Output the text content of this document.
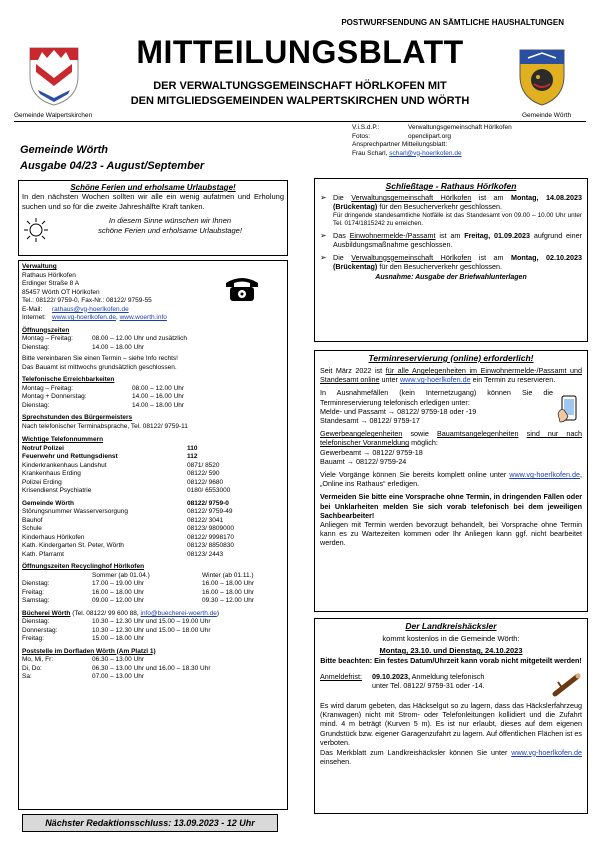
POSTWURFSENDUNG AN SÄMTLICHE HAUSHALTUNGEN
Gemeinde Walpertskirchen	Gemeinde Wörth
MITTEILUNGSBLATT
DER VERWALTUNGSGEMEINSCHAFT HÖRLKOFEN MIT
DEN MITGLIEDSGEMEINDEN WALPERTSKIRCHEN UND WÖRTH
V.i.S.d.P.:	Verwaltungsgemeinschaft Hörlkofen
Fotos:	openclipart.org
Ansprechpartner Mitteilungsblatt:
Frau Scharl, scharl@vg-hoerlkofen.de
Gemeinde Wörth
Ausgabe 04/23 - August/September
Schöne Ferien und erholsame Urlaubstage!
In den nächsten Wochen sollten wir alle ein wenig aufatmen und Erholung suchen und so für die zweite Jahreshälfte Kraft tanken.
In diesem Sinne wünschen wir Ihnen
schöne Ferien und erholsame Urlaubstage!
Verwaltung
Rathaus Hörlkofen
Erdinger Straße 8 A
85457 Wörth OT Hörlkofen
Tel.: 08122/ 9759-0, Fax-Nr.: 08122/ 9759-55
E-Mail:	rathaus@vg-hoerlkofen.de
Internet: www.vg-hoerlkofen.de , www.woerth.info
Öffnungszeiten
Montag – Freitag:	08.00 – 12.00 Uhr und zusätzlich
Dienstag:	14.00 – 18.00 Uhr
Bitte vereinbaren Sie einen Termin – siehe Info rechts!
Das Bauamt ist mittwochs grundsätzlich geschlossen.
Telefonische Erreichbarkeiten
Montag – Freitag:	08.00 – 12.00 Uhr
Montag + Donnerstag:	14.00 – 16.00 Uhr
Dienstag:	14.00 – 18.00 Uhr
Sprechstunden des Bürgermeisters
Nach telefonischer Terminabsprache, Tel. 08122/ 9759-11
Wichtige Telefonnummern
Notruf Polizei	110
Feuerwehr und Rettungsdienst	112
Kinderkrankenhaus Landshut	0871/ 8520
Krankenhaus Erding	08122/ 590
Polizei Erding	08122/ 9680
Krisendienst Psychiatrie	0180/ 6553000
Gemeinde Wörth	08122/ 9759-0
Störungsnummer Wasserversorgung	08122/ 9759-49
Bauhof	08122/ 3041
Schule	08123/ 9809000
Kinderhaus Hörlkofen	08122/ 9998170
Kath. Kindergarten St. Peter, Wörth	08123/ 8850830
Kath. Pfarramt	08123/ 2443
Öffnungszeiten Recyclinghof Hörlkofen
Sommer (ab 01.04.)	Winter (ab 01.11.)
Dienstag:	17.00 – 19.00 Uhr	16.00 – 18.00 Uhr
Freitag:	16.00 – 18.00 Uhr	16.00 – 18.00 Uhr
Samstag:	09.00 – 12.00 Uhr	09.30 – 12.00 Uhr
Bücherei Wörth (Tel. 08122/ 99 600 88, info@buecherei-woerth.de)
Dienstag:	10.30 – 12.30 Uhr und 15.00 – 19.00 Uhr
Donnerstag:	10.30 – 12.30 Uhr und 15.00 – 18.00 Uhr
Freitag:	15.00 – 18.00 Uhr
Poststelle im Dorfladen Wörth (Am Platzl 1)
Mo, Mi, Fr:	06.30 – 13.00 Uhr
Di, Do:	06.30 – 13.00 Uhr und 16.00 – 18.30 Uhr
Sa:	07.00 – 13.00 Uhr
Nächster Redaktionsschluss: 13.09.2023 - 12 Uhr
Schließtage - Rathaus Hörlkofen
➢ Die Verwaltungsgemeinschaft Hörlkofen ist am Montag, 14.08.2023 (Brückentag) für den Besucherverkehr geschlossen.
Für dringende standesamtliche Notfälle ist das Standesamt von 09.00 – 10.00 Uhr unter Tel. 0174/1815242 zu erreichen.
➢ Das Einwohnermelde-/Passamt ist am Freitag, 01.09.2023 aufgrund einer Ausbildungsmaßnahme geschlossen.
➢ Die Verwaltungsgemeinschaft Hörlkofen ist am Montag, 02.10.2023 (Brückentag) für den Besucherverkehr geschlossen.
Ausnahme: Ausgabe der Briefwahlunterlagen
Terminreservierung (online) erforderlich!

Seit März 2022 ist für alle Angelegenheiten im Einwohnermelde-/Passamt und Standesamt online unter www.vg-hoerlkofen.de ein Termin zu reservieren.

In Ausnahmefällen (kein Internetzugang) können Sie die Terminreservierung telefonisch erledigen unter:

Melde- und Passamt → 08122/ 9759-18 oder -19

Standesamt → 08122/ 9759-17

Gewerbeangelegenheiten sowie Bauamtsangelegenheiten sind nur nach telefonischer Voranmeldung möglich:

Gewerbeamt → 08122/ 9759-18

Bauamt → 08122/ 9759-24

Viele Vorgänge können Sie bereits komplett online unter www.vg-hoerlkofen.de, „Online ins Rathaus“ erledigen.

Vermeiden Sie bitte eine Vorsprache ohne Termin, in dringenden Fällen oder bei Unklarheiten melden Sie sich vorab telefonisch bei dem jeweiligen Sachbearbeiter!

Anliegen mit Termin werden bevorzugt behandelt, bei Vorsprache ohne Termin kann es zu Wartezeiten kommen oder Ihr Anliegen kann ggf. nicht bearbeitet werden.

Der Landkreishäcksler
kommt kostenlos in die Gemeinde Wörth:
Montag, 23.10. und Dienstag, 24.10.2023
Bitte beachten: Ein festes Datum/Uhrzeit kann vorab nicht mitgeteilt werden!
Anmeldefrist:	09.10.2023, Anmeldung telefonisch
unter Tel. 08122/ 9759-31 oder -14.

Es wird darum gebeten, das Häckselgut so zu lagern, dass das Häckslerfahrzeug (Kranwagen) nicht mit Strom- oder Telefonleitungen kollidiert und die Zufahrt mind. 4 m beträgt (Kurven 5 m). Es ist nur erlaubt, dieses auf dem eigenen Grundstück bzw. eigener Garagenzufahrt zu lagern. Auf öffentlichen Flächen ist es verboten.

Das Merkblatt zum Landkreishäcksler können Sie unter www.vg-hoerlkofen.de einsehen.
